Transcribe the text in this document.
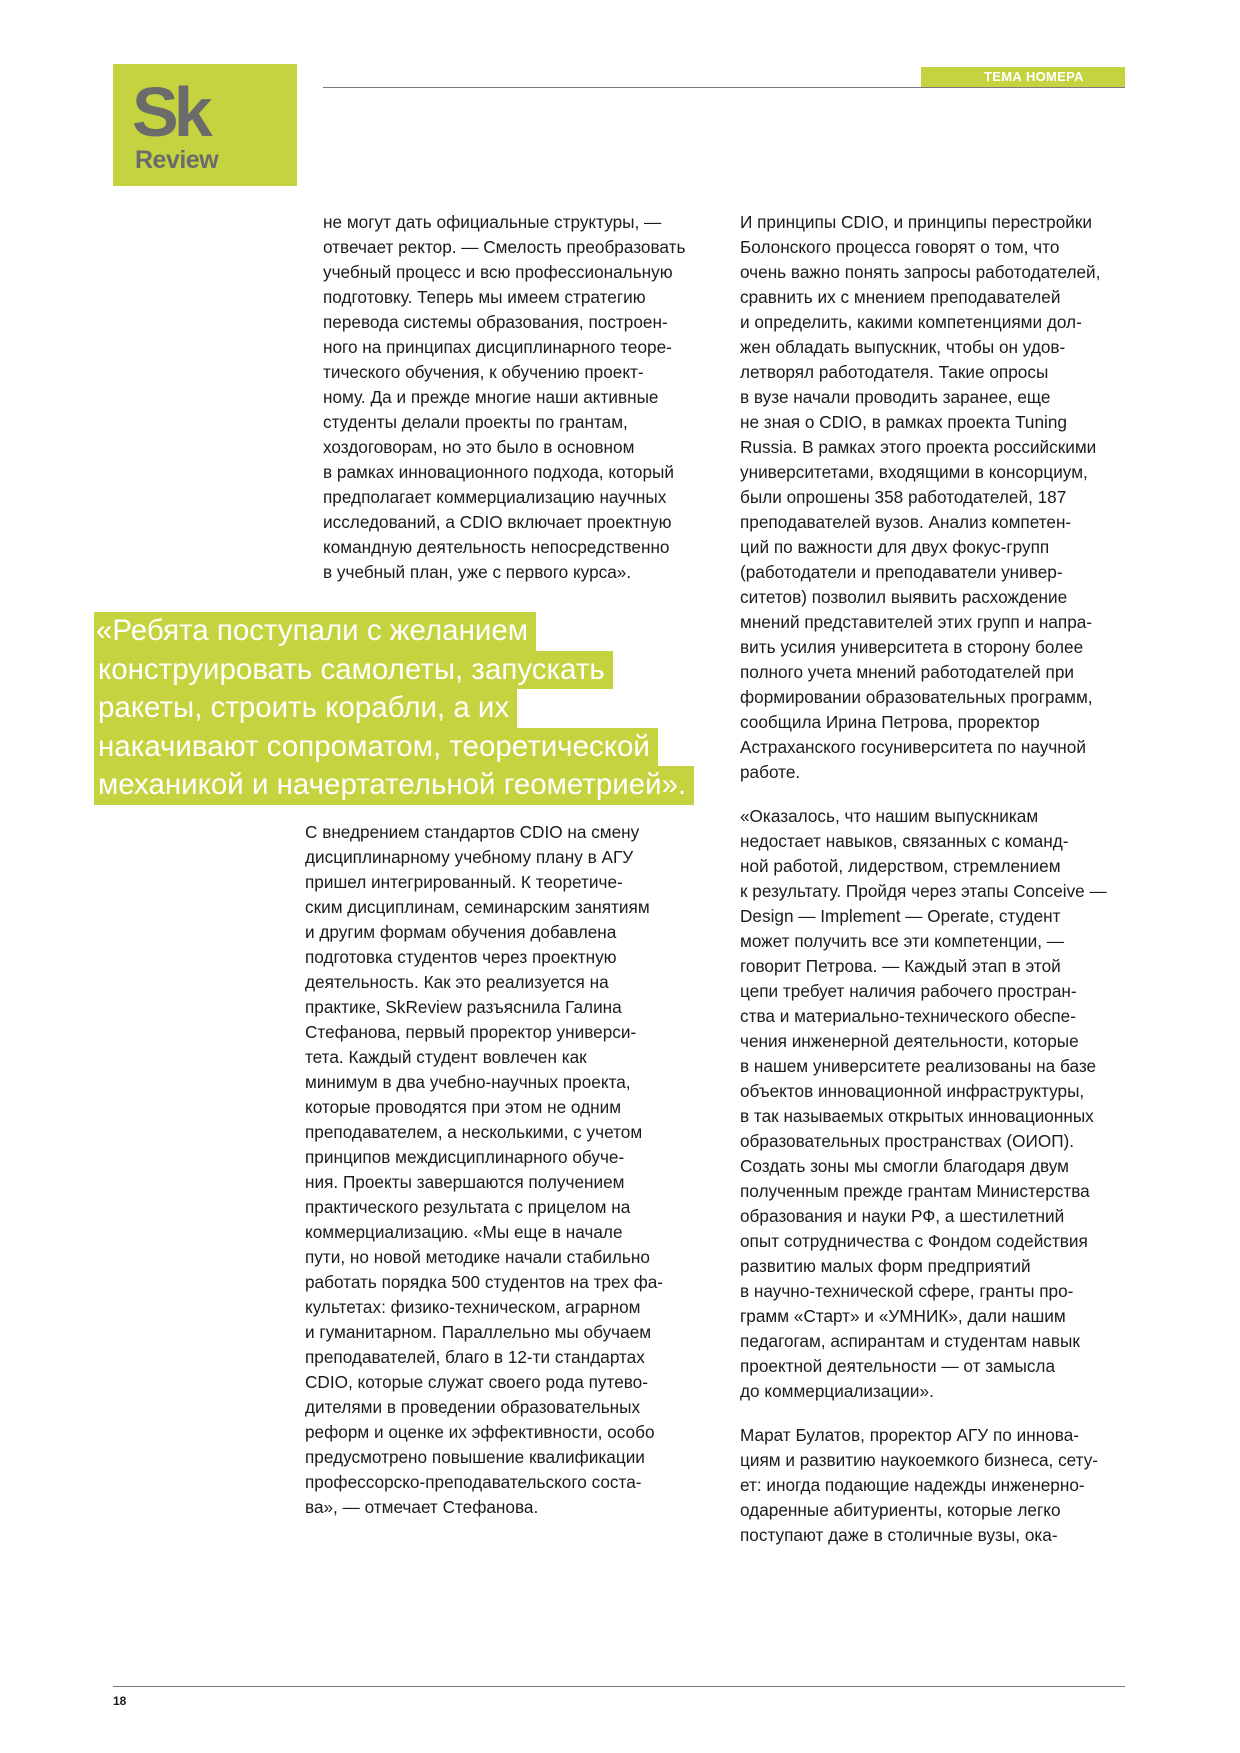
Sk
Review
ТЕМА НОМЕРА
не могут дать официальные структуры, —
отвечает ректор. — Смелость преобразовать
учебный процесс и всю профессиональную
подготовку. Теперь мы имеем стратегию
перевода системы образования, построен-
ного на принципах дисциплинарного теоре-
тического обучения, к обучению проект-
ному. Да и прежде многие наши активные
студенты делали проекты по грантам,
хоздоговорам, но это было в основном
в рамках инновационного подхода, который
предполагает коммерциализацию научных
исследований, а CDIO включает проектную
командную деятельность непосредственно
в учебный план, уже с первого курса».
«Ребята поступали с желанием
конструировать самолеты, запускать
ракеты, строить корабли, а их
накачивают сопроматом, теоретической
механикой и начертательной геометрией».
С внедрением стандартов CDIO на смену
дисциплинарному учебному плану в АГУ
пришел интегрированный. К теоретиче-
ским дисциплинам, семинарским занятиям
и другим формам обучения добавлена
подготовка студентов через проектную
деятельность. Как это реализуется на
практике, SkReview разъяснила Галина
Стефанова, первый проректор универси-
тета. Каждый студент вовлечен как
минимум в два учебно-научных проекта,
которые проводятся при этом не одним
преподавателем, а несколькими, с учетом
принципов междисциплинарного обуче-
ния. Проекты завершаются получением
практического результата с прицелом на
коммерциализацию. «Мы еще в начале
пути, но новой методике начали стабильно
работать порядка 500 студентов на трех фа-
культетах: физико-техническом, аграрном
и гуманитарном. Параллельно мы обучаем
преподавателей, благо в 12-ти стандартах
CDIO, которые служат своего рода путево-
дителями в проведении образовательных
реформ и оценке их эффективности, особо
предусмотрено повышение квалификации
профессорско-преподавательского соста-
ва», — отмечает Стефанова.
И принципы CDIO, и принципы перестройки
Болонского процесса говорят о том, что
очень важно понять запросы работодателей,
сравнить их с мнением преподавателей
и определить, какими компетенциями дол-
жен обладать выпускник, чтобы он удов-
летворял работодателя. Такие опросы
в вузе начали проводить заранее, еще
не зная о CDIO, в рамках проекта Tuning
Russia. В рамках этого проекта российскими
университетами, входящими в консорциум,
были опрошены 358 работодателей, 187
преподавателей вузов. Анализ компетен-
ций по важности для двух фокус-групп
(работодатели и преподаватели универ-
ситетов) позволил выявить расхождение
мнений представителей этих групп и напра-
вить усилия университета в сторону более
полного учета мнений работодателей при
формировании образовательных программ,
сообщила Ирина Петрова, проректор
Астраханского госуниверситета по научной
работе.
«Оказалось, что нашим выпускникам
недостает навыков, связанных с команд-
ной работой, лидерством, стремлением
к результату. Пройдя через этапы Conceive —
Design — Implement — Operate, студент
может получить все эти компетенции, —
говорит Петрова. — Каждый этап в этой
цепи требует наличия рабочего простран-
ства и материально-технического обеспе-
чения инженерной деятельности, которые
в нашем университете реализованы на базе
объектов инновационной инфраструктуры,
в так называемых открытых инновационных
образовательных пространствах (ОИОП).
Создать зоны мы смогли благодаря двум
полученным прежде грантам Министерства
образования и науки РФ, а шестилетний
опыт сотрудничества с Фондом содействия
развитию малых форм предприятий
в научно-технической сфере, гранты про-
грамм «Старт» и «УМНИК», дали нашим
педагогам, аспирантам и студентам навык
проектной деятельности — от замысла
до коммерциализации».
Марат Булатов, проректор АГУ по иннова-
циям и развитию наукоемкого бизнеса, сету-
ет: иногда подающие надежды инженерно-
одаренные абитуриенты, которые легко
поступают даже в столичные вузы, ока-
18
